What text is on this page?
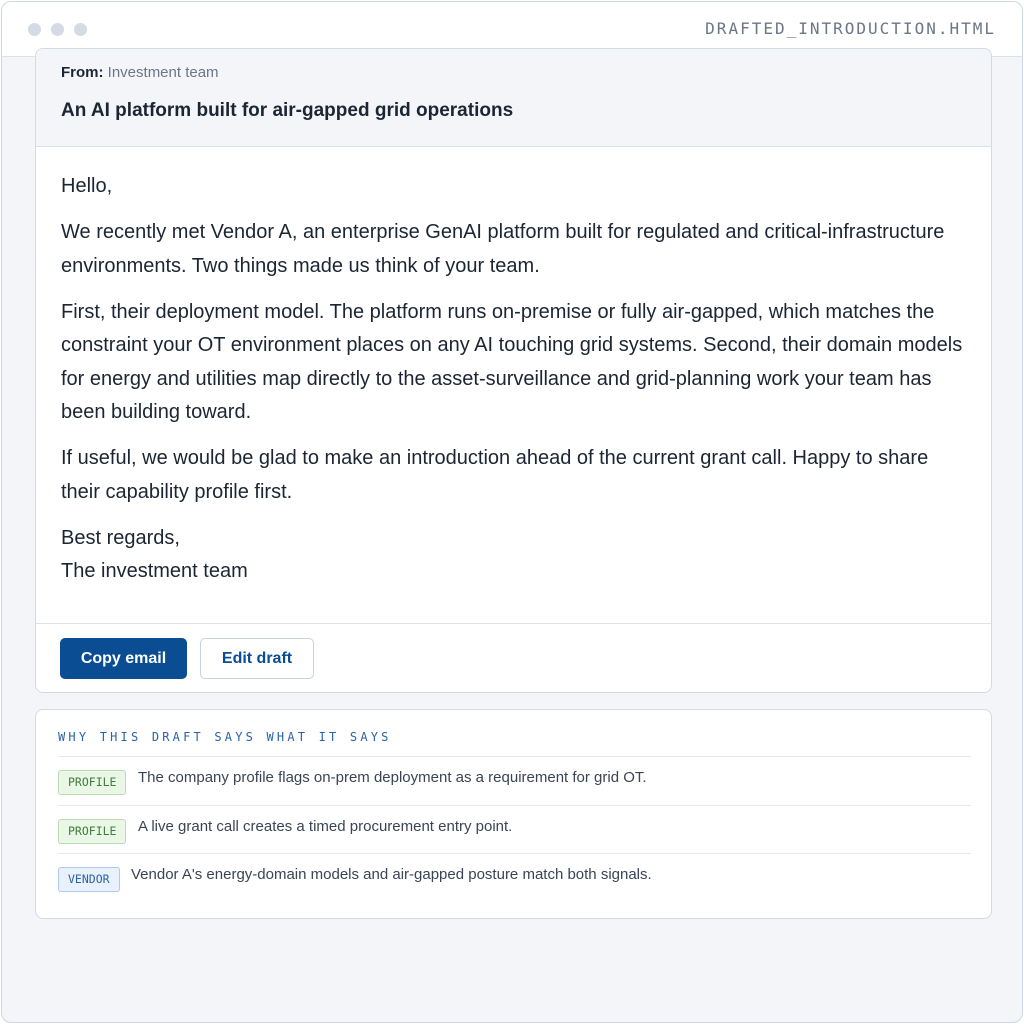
DRAFTED_INTRODUCTION.HTML
From: Investment team
An AI platform built for air-gapped grid operations

Hello,

We recently met Vendor A, an enterprise GenAI platform built for regulated and critical-infrastructure environments. Two things made us think of your team.

First, their deployment model. The platform runs on-premise or fully air-gapped, which matches the constraint your OT environment places on any AI touching grid systems. Second, their domain models for energy and utilities map directly to the asset-surveillance and grid-planning work your team has been building toward.

If useful, we would be glad to make an introduction ahead of the current grant call. Happy to share their capability profile first.

Best regards,
The investment team

Copy email	Edit draft
WHY THIS DRAFT SAYS WHAT IT SAYS
PROFILE	The company profile flags on-prem deployment as a requirement for grid OT.
PROFILE	A live grant call creates a timed procurement entry point.
VENDOR	Vendor A's energy-domain models and air-gapped posture match both signals.
